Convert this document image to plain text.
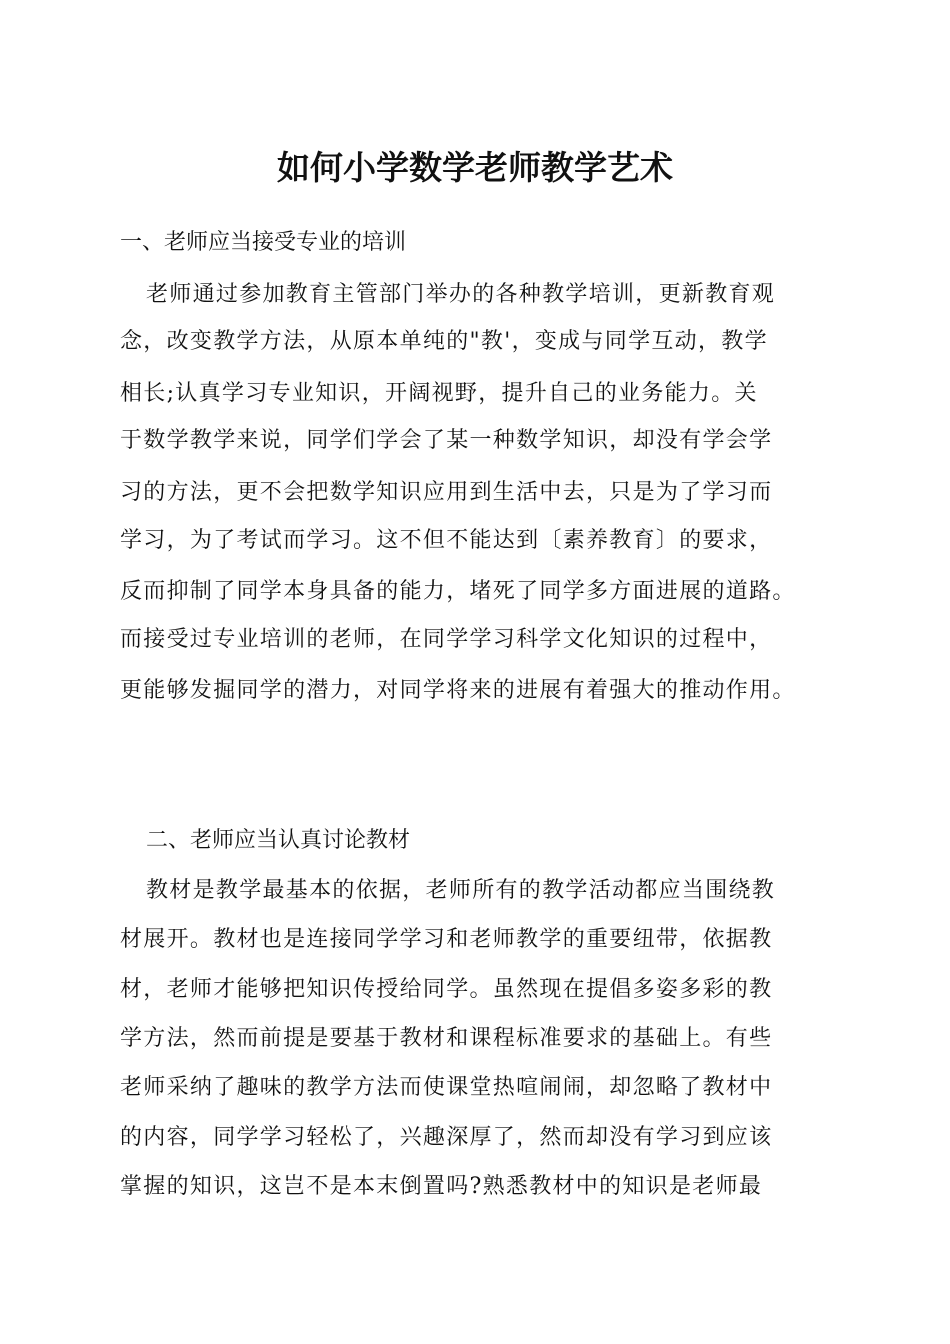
如何小学数学老师教学艺术
一、老师应当接受专业的培训
老师通过参加教育主管部门举办的各种教学培训，更新教育观
念，改变教学方法，从原本单纯的"教'，变成与同学互动，教学
相长;认真学习专业知识，开阔视野，提升自己的业务能力。关
于数学教学来说，同学们学会了某一种数学知识，却没有学会学
习的方法，更不会把数学知识应用到生活中去，只是为了学习而
学习，为了考试而学习。这不但不能达到〔素养教育〕的要求，
反而抑制了同学本身具备的能力，堵死了同学多方面进展的道路。
而接受过专业培训的老师，在同学学习科学文化知识的过程中，
更能够发掘同学的潜力，对同学将来的进展有着强大的推动作用。
二、老师应当认真讨论教材
教材是教学最基本的依据，老师所有的教学活动都应当围绕教
材展开。教材也是连接同学学习和老师教学的重要纽带，依据教
材，老师才能够把知识传授给同学。虽然现在提倡多姿多彩的教
学方法，然而前提是要基于教材和课程标准要求的基础上。有些
老师采纳了趣味的教学方法而使课堂热喧闹闹，却忽略了教材中
的内容，同学学习轻松了，兴趣深厚了，然而却没有学习到应该
掌握的知识，这岂不是本末倒置吗?熟悉教材中的知识是老师最
